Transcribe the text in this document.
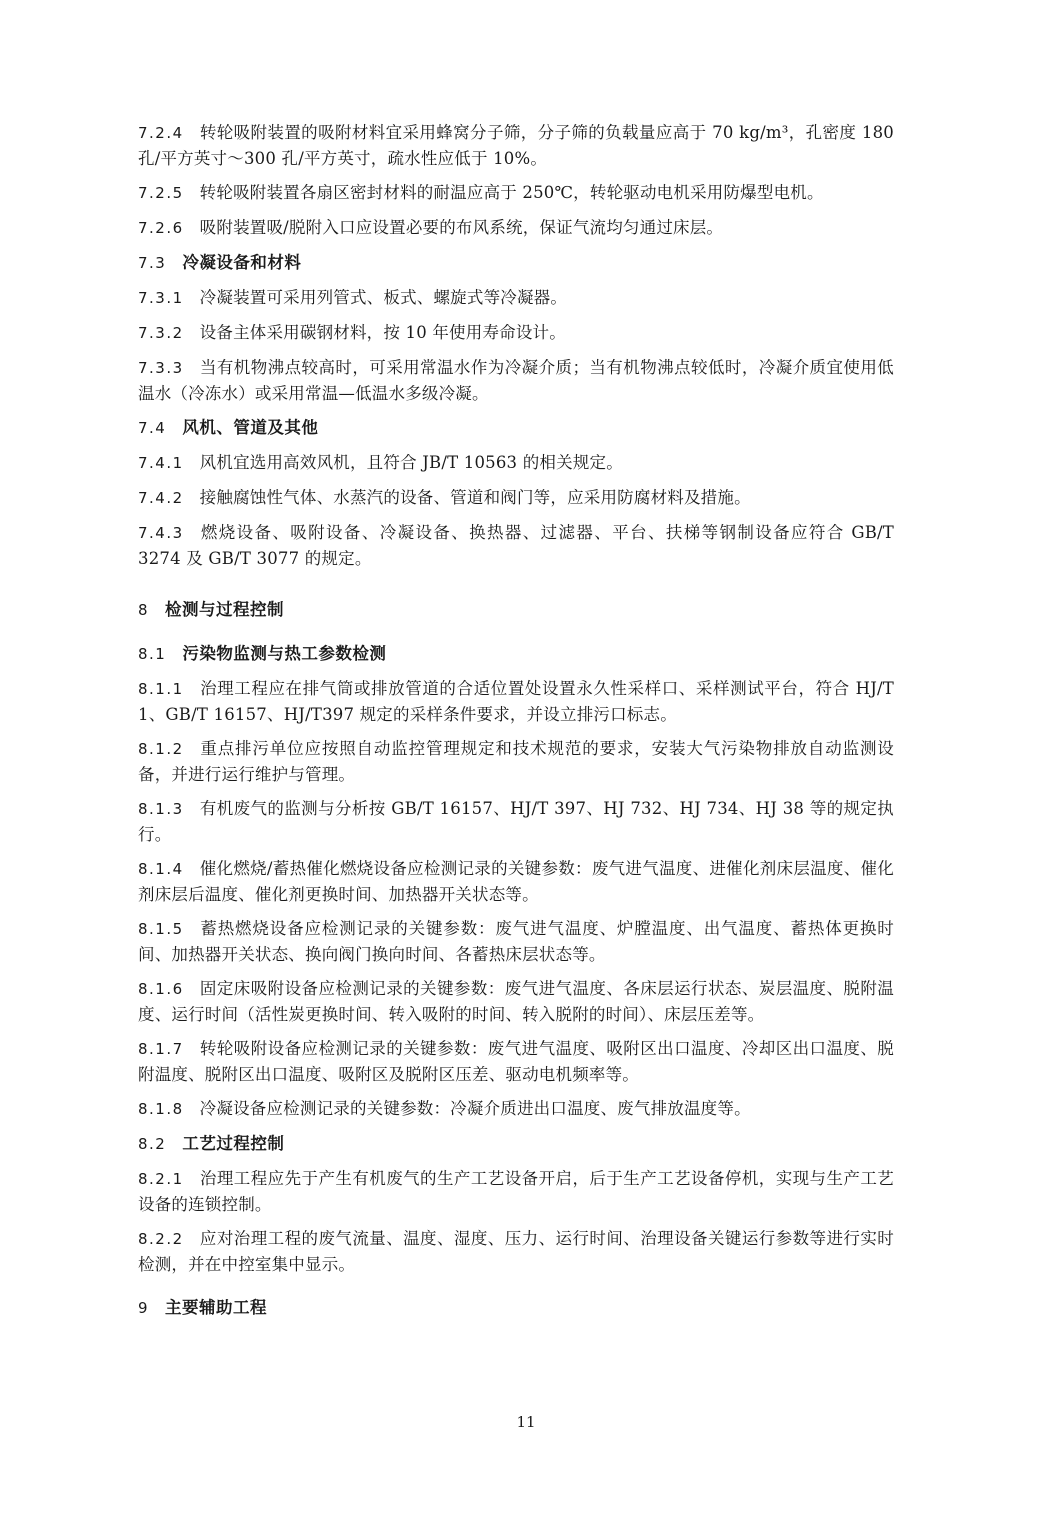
7.2.4 转轮吸附装置的吸附材料宜采用蜂窝分子筛，分子筛的负载量应高于 70 kg/m³，孔密度 180 孔/平方英寸～300 孔/平方英寸，疏水性应低于 10%。

7.2.5 转轮吸附装置各扇区密封材料的耐温应高于 250℃，转轮驱动电机采用防爆型电机。

7.2.6 吸附装置吸/脱附入口应设置必要的布风系统，保证气流均匀通过床层。

7.3 冷凝设备和材料

7.3.1 冷凝装置可采用列管式、板式、螺旋式等冷凝器。

7.3.2 设备主体采用碳钢材料，按 10 年使用寿命设计。

7.3.3 当有机物沸点较高时，可采用常温水作为冷凝介质；当有机物沸点较低时，冷凝介质宜使用低温水（冷冻水）或采用常温—低温水多级冷凝。

7.4 风机、管道及其他

7.4.1 风机宜选用高效风机，且符合 JB/T 10563 的相关规定。

7.4.2 接触腐蚀性气体、水蒸汽的设备、管道和阀门等，应采用防腐材料及措施。

7.4.3 燃烧设备、吸附设备、冷凝设备、换热器、过滤器、平台、扶梯等钢制设备应符合 GB/T 3274 及 GB/T 3077 的规定。

8 检测与过程控制

8.1 污染物监测与热工参数检测

8.1.1 治理工程应在排气筒或排放管道的合适位置处设置永久性采样口、采样测试平台，符合 HJ/T 1、GB/T 16157、HJ/T397 规定的采样条件要求，并设立排污口标志。

8.1.2 重点排污单位应按照自动监控管理规定和技术规范的要求，安装大气污染物排放自动监测设备，并进行运行维护与管理。

8.1.3 有机废气的监测与分析按 GB/T 16157、HJ/T 397、HJ 732、HJ 734、HJ 38 等的规定执行。

8.1.4 催化燃烧/蓄热催化燃烧设备应检测记录的关键参数：废气进气温度、进催化剂床层温度、催化剂床层后温度、催化剂更换时间、加热器开关状态等。

8.1.5 蓄热燃烧设备应检测记录的关键参数：废气进气温度、炉膛温度、出气温度、蓄热体更换时间、加热器开关状态、换向阀门换向时间、各蓄热床层状态等。

8.1.6 固定床吸附设备应检测记录的关键参数：废气进气温度、各床层运行状态、炭层温度、脱附温度、运行时间（活性炭更换时间、转入吸附的时间、转入脱附的时间）、床层压差等。

8.1.7 转轮吸附设备应检测记录的关键参数：废气进气温度、吸附区出口温度、冷却区出口温度、脱附温度、脱附区出口温度、吸附区及脱附区压差、驱动电机频率等。

8.1.8 冷凝设备应检测记录的关键参数：冷凝介质进出口温度、废气排放温度等。

8.2 工艺过程控制

8.2.1 治理工程应先于产生有机废气的生产工艺设备开启，后于生产工艺设备停机，实现与生产工艺设备的连锁控制。

8.2.2 应对治理工程的废气流量、温度、湿度、压力、运行时间、治理设备关键运行参数等进行实时检测，并在中控室集中显示。

9 主要辅助工程

11
